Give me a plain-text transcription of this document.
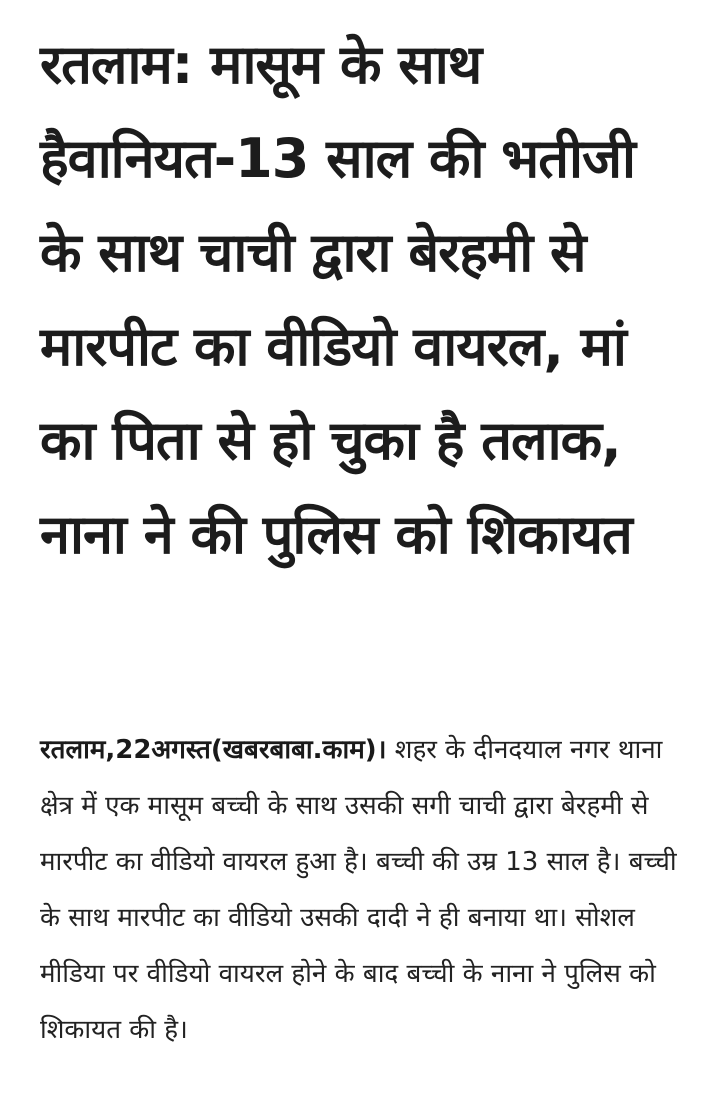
रतलाम: मासूम के साथ हैवानियत-13 साल की भतीजी के साथ चाची द्वारा बेरहमी से मारपीट का वीडियो वायरल, मां का पिता से हो चुका है तलाक, नाना ने की पुलिस को शिकायत

रतलाम,22अगस्त(खबरबाबा.काम)। शहर के दीनदयाल नगर थाना क्षेत्र में एक मासूम बच्ची के साथ उसकी सगी चाची द्वारा बेरहमी से मारपीट का वीडियो वायरल हुआ है। बच्ची की उम्र 13 साल है। बच्ची के साथ मारपीट का वीडियो उसकी दादी ने ही बनाया था। सोशल मीडिया पर वीडियो वायरल होने के बाद बच्ची के नाना ने पुलिस को शिकायत की है।
